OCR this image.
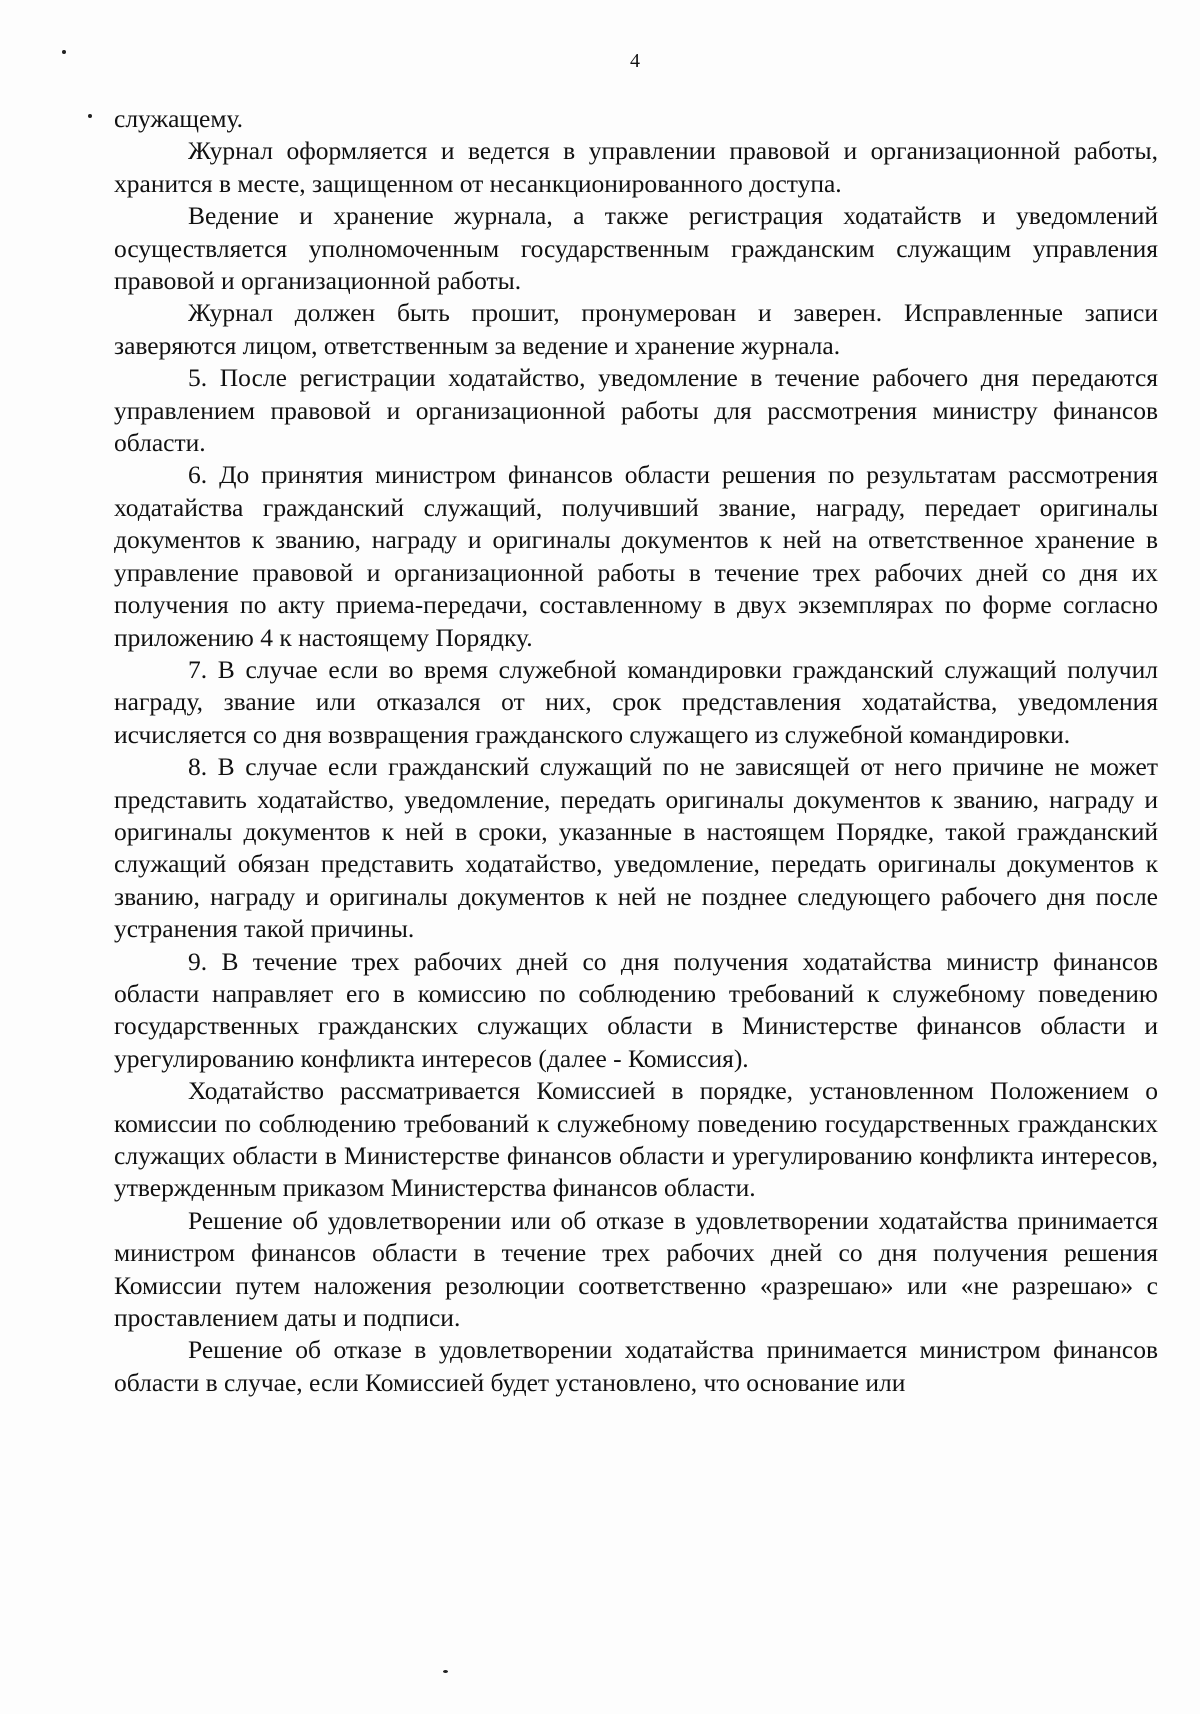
4

служащему.

Журнал оформляется и ведется в управлении правовой и организационной работы, хранится в месте, защищенном от несанкционированного доступа.

Ведение и хранение журнала, а также регистрация ходатайств и уведомлений осуществляется уполномоченным государственным гражданским служащим управления правовой и организационной работы.

Журнал должен быть прошит, пронумерован и заверен. Исправленные записи заверяются лицом, ответственным за ведение и хранение журнала.

5. После регистрации ходатайство, уведомление в течение рабочего дня передаются управлением правовой и организационной работы для рассмотрения министру финансов области.

6. До принятия министром финансов области решения по результатам рассмотрения ходатайства гражданский служащий, получивший звание, награду, передает оригиналы документов к званию, награду и оригиналы документов к ней на ответственное хранение в управление правовой и организационной работы в течение трех рабочих дней со дня их получения по акту приема-передачи, составленному в двух экземплярах по форме согласно приложению 4 к настоящему Порядку.

7. В случае если во время служебной командировки гражданский служащий получил награду, звание или отказался от них, срок представления ходатайства, уведомления исчисляется со дня возвращения гражданского служащего из служебной командировки.

8. В случае если гражданский служащий по не зависящей от него причине не может представить ходатайство, уведомление, передать оригиналы документов к званию, награду и оригиналы документов к ней в сроки, указанные в настоящем Порядке, такой гражданский служащий обязан представить ходатайство, уведомление, передать оригиналы документов к званию, награду и оригиналы документов к ней не позднее следующего рабочего дня после устранения такой причины.

9. В течение трех рабочих дней со дня получения ходатайства министр финансов области направляет его в комиссию по соблюдению требований к служебному поведению государственных гражданских служащих области в Министерстве финансов области и урегулированию конфликта интересов (далее - Комиссия).

Ходатайство рассматривается Комиссией в порядке, установленном Положением о комиссии по соблюдению требований к служебному поведению государственных гражданских служащих области в Министерстве финансов области и урегулированию конфликта интересов, утвержденным приказом Министерства финансов области.

Решение об удовлетворении или об отказе в удовлетворении ходатайства принимается министром финансов области в течение трех рабочих дней со дня получения решения Комиссии путем наложения резолюции соответственно «разрешаю» или «не разрешаю» с проставлением даты и подписи.

Решение об отказе в удовлетворении ходатайства принимается министром финансов области в случае, если Комиссией будет установлено, что основание или
